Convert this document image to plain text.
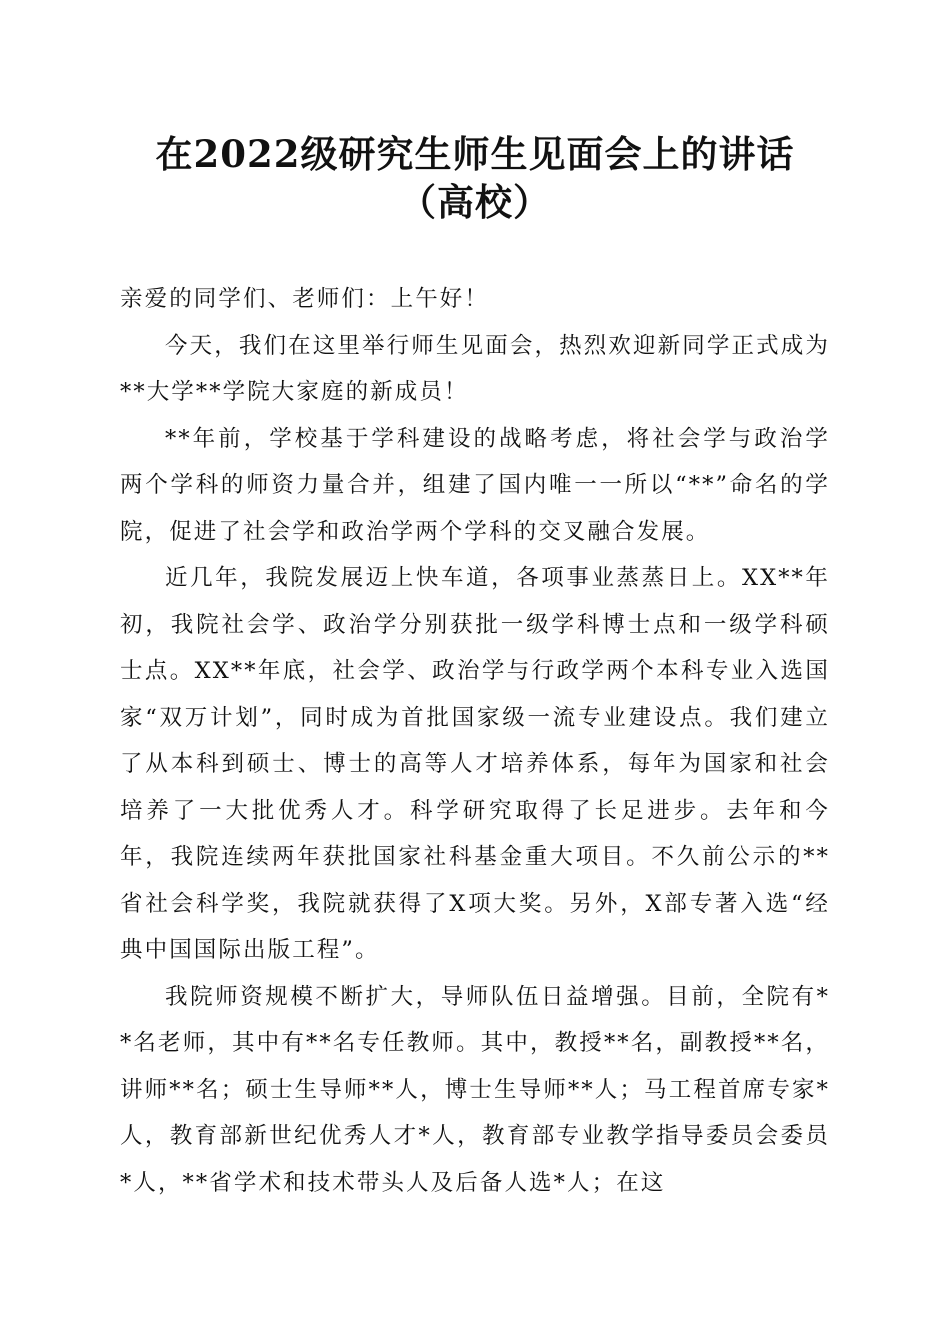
在2022级研究生师生见面会上的讲话（高校）

亲爱的同学们、老师们：上午好！

今天，我们在这里举行师生见面会，热烈欢迎新同学正式成为**大学**学院大家庭的新成员！

**年前，学校基于学科建设的战略考虑，将社会学与政治学两个学科的师资力量合并，组建了国内唯一一所以“**”命名的学院，促进了社会学和政治学两个学科的交叉融合发展。

近几年，我院发展迈上快车道，各项事业蒸蒸日上。XX**年初，我院社会学、政治学分别获批一级学科博士点和一级学科硕士点。XX**年底，社会学、政治学与行政学两个本科专业入选国家“双万计划”，同时成为首批国家级一流专业建设点。我们建立了从本科到硕士、博士的高等人才培养体系，每年为国家和社会培养了一大批优秀人才。科学研究取得了长足进步。去年和今年，我院连续两年获批国家社科基金重大项目。不久前公示的**省社会科学奖，我院就获得了X项大奖。另外，X部专著入选“经典中国国际出版工程”。

我院师资规模不断扩大，导师队伍日益增强。目前，全院有**名老师，其中有**名专任教师。其中，教授**名，副教授**名，讲师**名；硕士生导师**人，博士生导师**人；马工程首席专家*人，教育部新世纪优秀人才*人，教育部专业教学指导委员会委员*人，**省学术和技术带头人及后备人选*人；在这
